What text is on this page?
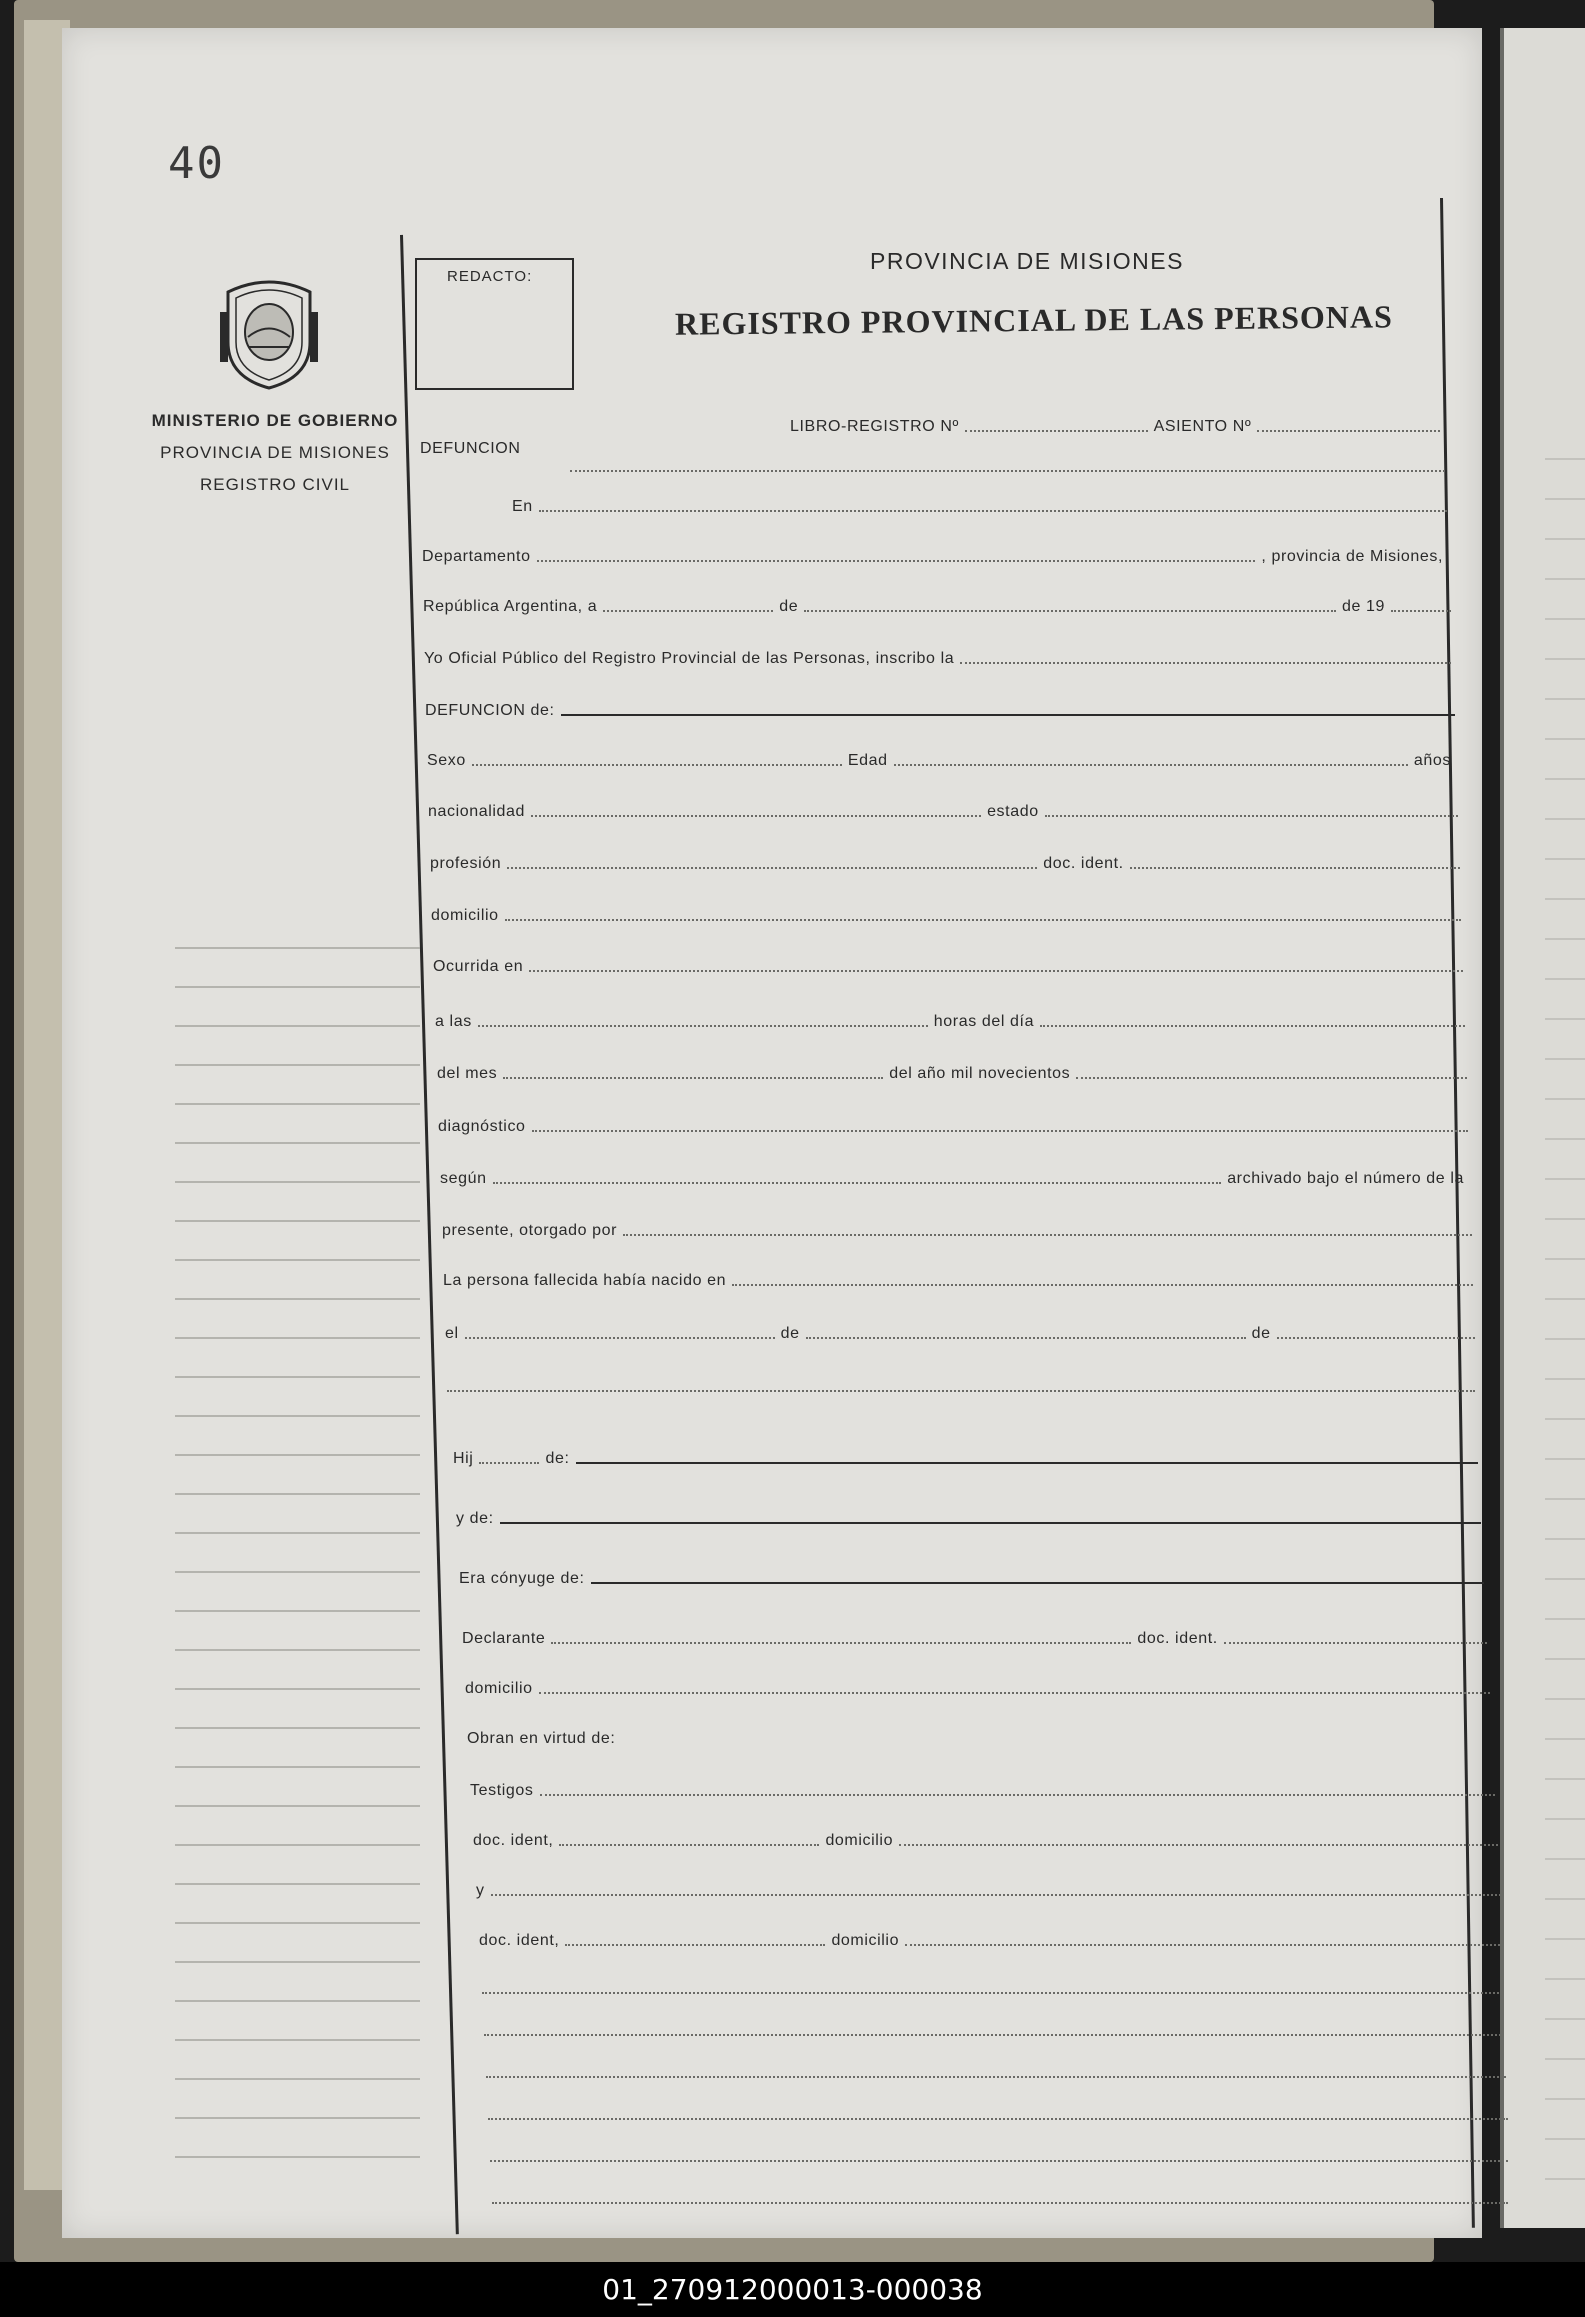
40
MINISTERIO DE GOBIERNO
PROVINCIA DE MISIONES
REGISTRO CIVIL
REDACTO:
PROVINCIA DE MISIONES
REGISTRO PROVINCIAL DE LAS PERSONAS
LIBRO-REGISTRO Nº	ASIENTO Nº
DEFUNCION
En
Departamento	, provincia de Misiones,
República Argentina, a	de	de 19
Yo Oficial Público del Registro Provincial de las Personas, inscribo la
DEFUNCION de:
Sexo	Edad	años
nacionalidad	estado
profesión	doc. ident.
domicilio
Ocurrida en
a las	horas del día
del mes	del año mil novecientos
diagnóstico
según	archivado bajo el número de la
presente, otorgado por
La persona fallecida había nacido en
el	de	de
Hij	de:
y de:
Era cónyuge de:
Declarante	doc. ident.
domicilio
Obran en virtud de:
Testigos
doc. ident,	domicilio
y
doc. ident,	domicilio
01_270912000013-000038
